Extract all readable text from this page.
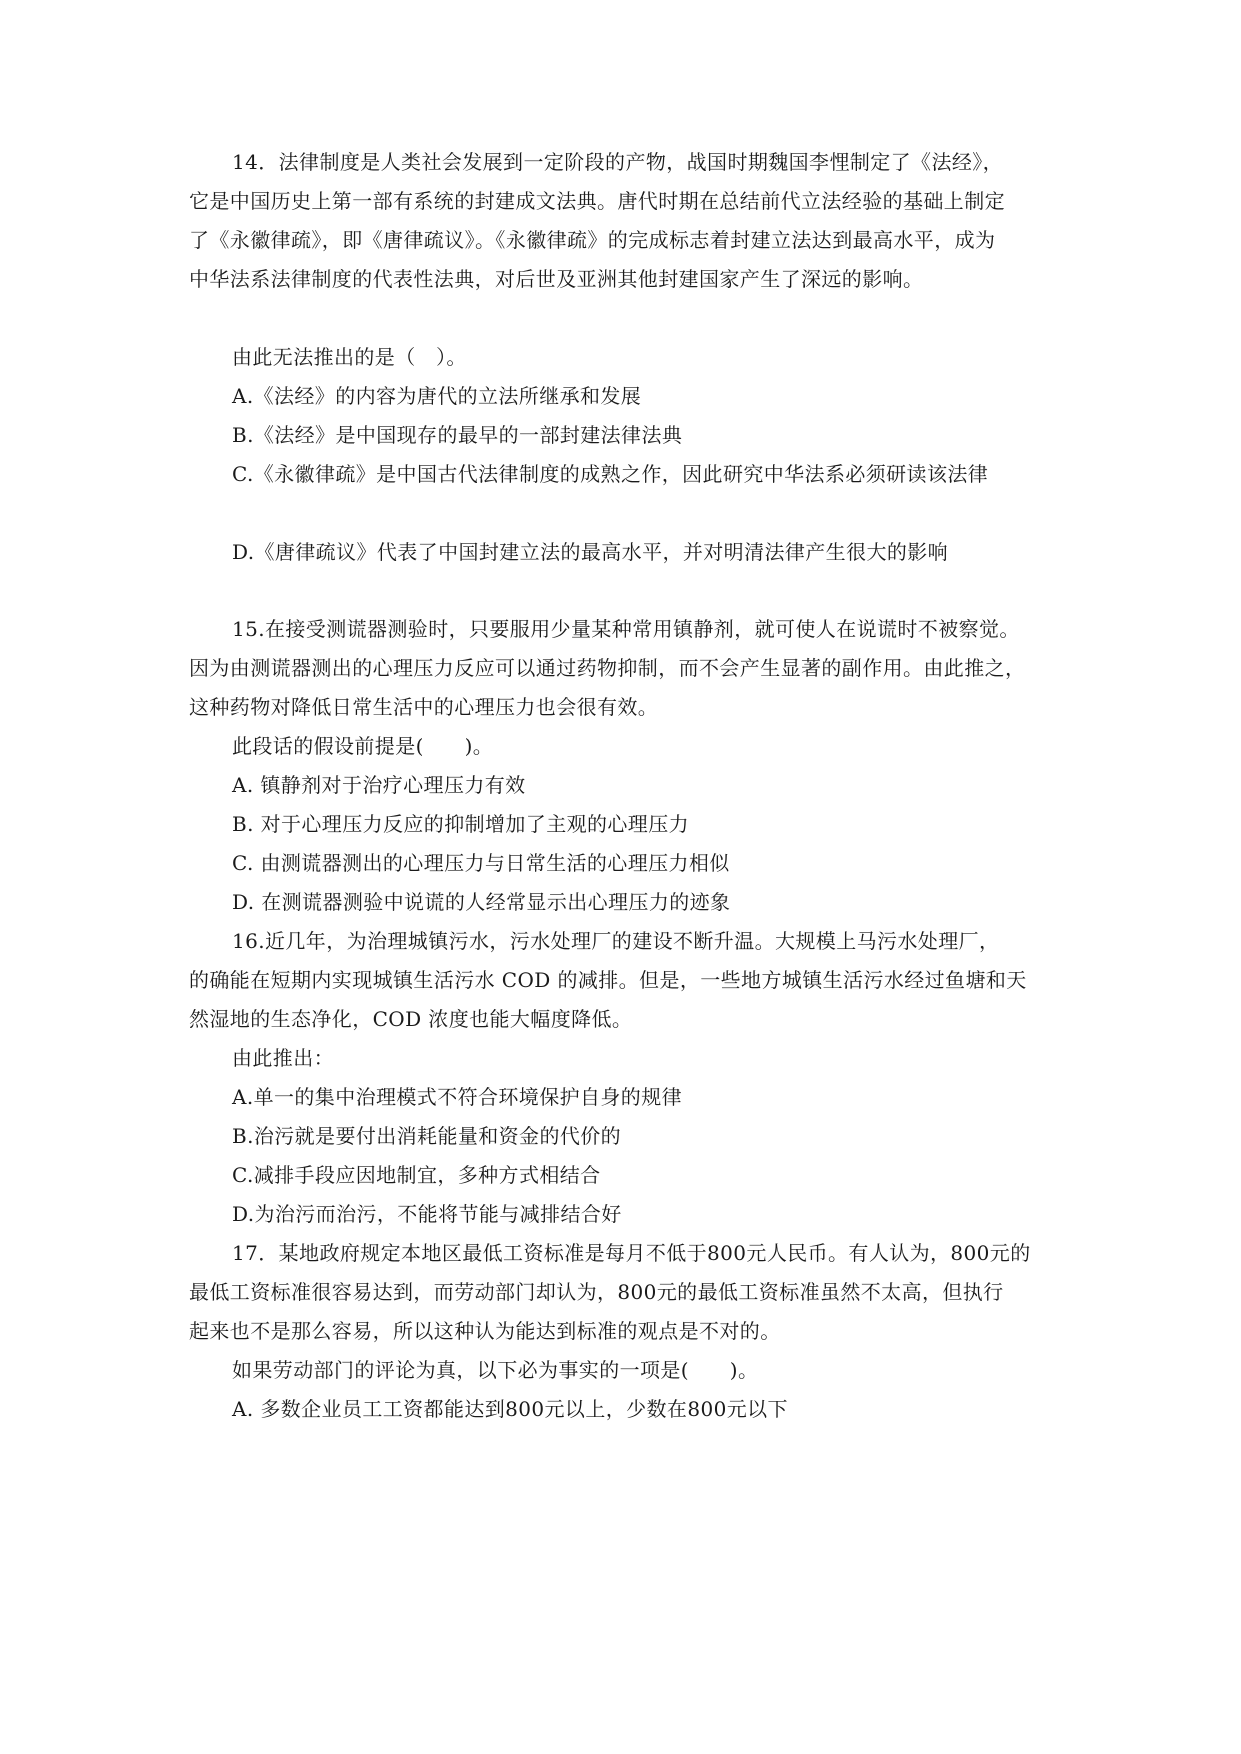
14．法律制度是人类社会发展到一定阶段的产物，战国时期魏国李悝制定了《法经》，
它是中国历史上第一部有系统的封建成文法典。唐代时期在总结前代立法经验的基础上制定
了《永徽律疏》，即《唐律疏议》。《永徽律疏》的完成标志着封建立法达到最高水平，成为
中华法系法律制度的代表性法典，对后世及亚洲其他封建国家产生了深远的影响。
由此无法推出的是（　）。
A.《法经》的内容为唐代的立法所继承和发展
B.《法经》是中国现存的最早的一部封建法律法典
C.《永徽律疏》是中国古代法律制度的成熟之作，因此研究中华法系必须研读该法律
D.《唐律疏议》代表了中国封建立法的最高水平，并对明清法律产生很大的影响
15.在接受测谎器测验时，只要服用少量某种常用镇静剂，就可使人在说谎时不被察觉。
因为由测谎器测出的心理压力反应可以通过药物抑制，而不会产生显著的副作用。由此推之，
这种药物对降低日常生活中的心理压力也会很有效。
此段话的假设前提是(　　)。
A. 镇静剂对于治疗心理压力有效
B. 对于心理压力反应的抑制增加了主观的心理压力
C. 由测谎器测出的心理压力与日常生活的心理压力相似
D. 在测谎器测验中说谎的人经常显示出心理压力的迹象
16.近几年，为治理城镇污水，污水处理厂的建设不断升温。大规模上马污水处理厂，
的确能在短期内实现城镇生活污水 COD 的减排。但是，一些地方城镇生活污水经过鱼塘和天
然湿地的生态净化，COD 浓度也能大幅度降低。
由此推出：
A.单一的集中治理模式不符合环境保护自身的规律
B.治污就是要付出消耗能量和资金的代价的
C.减排手段应因地制宜，多种方式相结合
D.为治污而治污，不能将节能与减排结合好
17．某地政府规定本地区最低工资标准是每月不低于800元人民币。有人认为，800元的
最低工资标准很容易达到，而劳动部门却认为，800元的最低工资标准虽然不太高，但执行
起来也不是那么容易，所以这种认为能达到标准的观点是不对的。
如果劳动部门的评论为真，以下必为事实的一项是(　　)。
A. 多数企业员工工资都能达到800元以上，少数在800元以下
